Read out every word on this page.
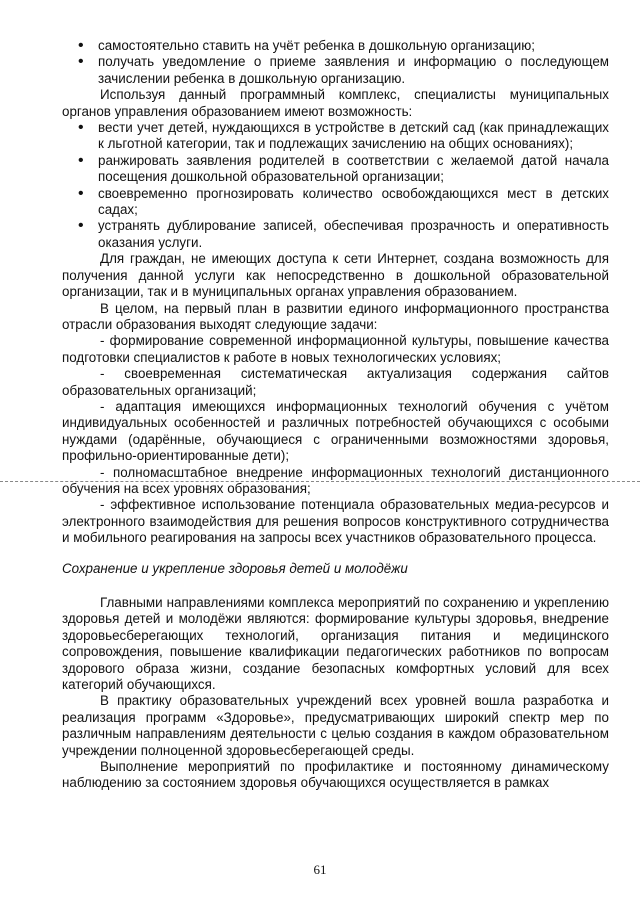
• самостоятельно ставить на учёт ребенка в дошкольную организацию;
• получать уведомление о приеме заявления и информацию о последующем зачислении ребенка в дошкольную организацию.

Используя данный программный комплекс, специалисты муниципальных органов управления образованием имеют возможность:

• вести учет детей, нуждающихся в устройстве в детский сад (как принадлежащих к льготной категории, так и подлежащих зачислению на общих основаниях);
• ранжировать заявления родителей в соответствии с желаемой датой начала посещения дошкольной образовательной организации;
• своевременно прогнозировать количество освобождающихся мест в детских садах;
• устранять дублирование записей, обеспечивая прозрачность и оперативность оказания услуги.

Для граждан, не имеющих доступа к сети Интернет, создана возможность для получения данной услуги как непосредственно в дошкольной образовательной организации, так и в муниципальных органах управления образованием.

В целом, на первый план в развитии единого информационного пространства отрасли образования выходят следующие задачи:

- формирование современной информационной культуры, повышение качества подготовки специалистов к работе в новых технологических условиях;

- своевременная систематическая актуализация содержания сайтов образовательных организаций;

- адаптация имеющихся информационных технологий обучения с учётом индивидуальных особенностей и различных потребностей обучающихся с особыми нуждами (одарённые, обучающиеся с ограниченными возможностями здоровья, профильно-ориентированные дети);

- полномасштабное внедрение информационных технологий дистанционного обучения на всех уровнях образования;

- эффективное использование потенциала образовательных медиа-ресурсов и электронного взаимодействия для решения вопросов конструктивного сотрудничества и мобильного реагирования на запросы всех участников образовательного процесса.

Сохранение и укрепление здоровья детей и молодёжи

Главными направлениями комплекса мероприятий по сохранению и укреплению здоровья детей и молодёжи являются: формирование культуры здоровья, внедрение здоровьесберегающих технологий, организация питания и медицинского сопровождения, повышение квалификации педагогических работников по вопросам здорового образа жизни, создание безопасных комфортных условий для всех категорий обучающихся.

В практику образовательных учреждений всех уровней вошла разработка и реализация программ «Здоровье», предусматривающих широкий спектр мер по различным направлениям деятельности с целью создания в каждом образовательном учреждении полноценной здоровьесберегающей среды.

Выполнение мероприятий по профилактике и постоянному динамическому наблюдению за состоянием здоровья обучающихся осуществляется в рамках

61
